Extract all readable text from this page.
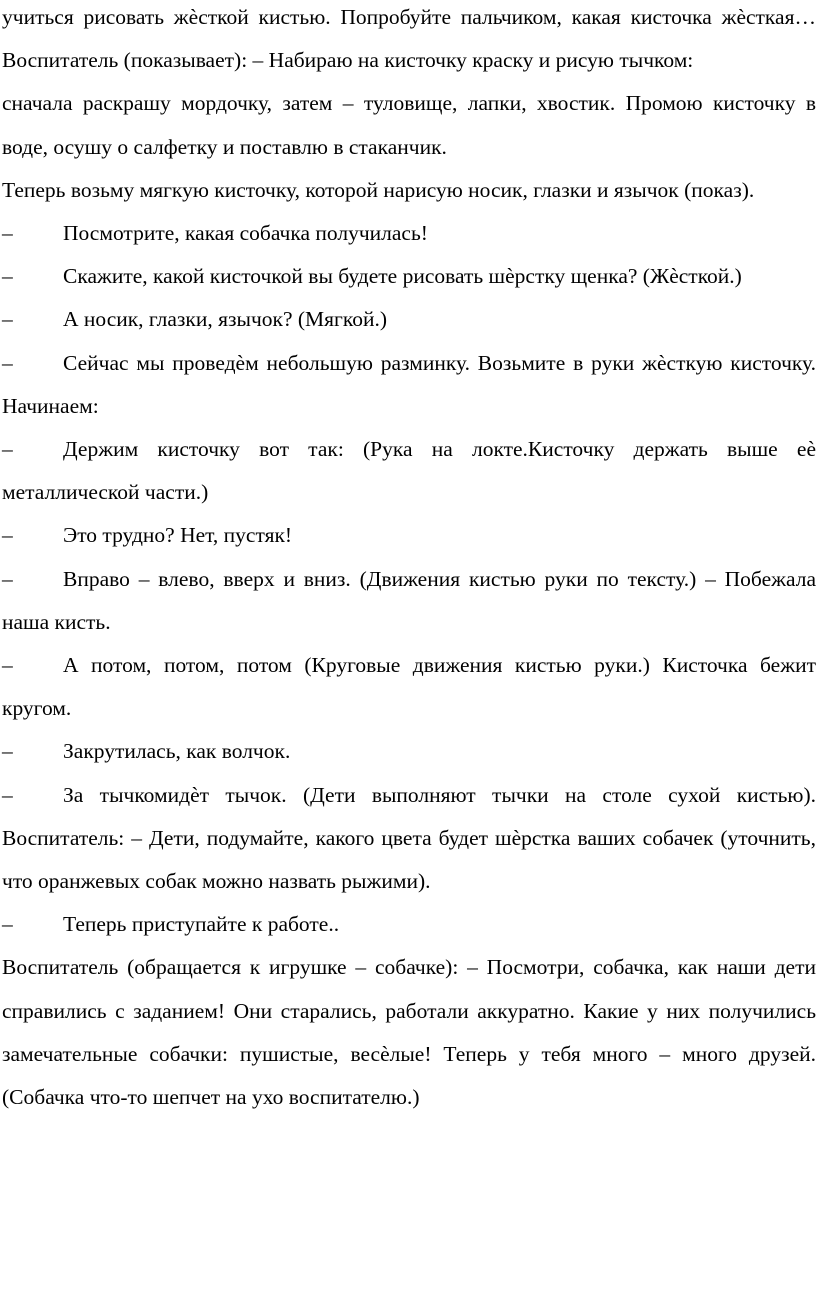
учиться рисовать жѐсткой кистью. Попробуйте пальчиком, какая кисточка жѐсткая… Воспитатель (показывает): – Набираю на кисточку краску и рисую тычком:

сначала раскрашу мордочку, затем – туловище, лапки, хвостик. Промою кисточку в воде, осушу о салфетку и поставлю в стаканчик.

Теперь возьму мягкую кисточку, которой нарисую носик, глазки и язычок (показ).

– Посмотрите, какая собачка получилась!

– Скажите, какой кисточкой вы будете рисовать шѐрстку щенка? (Жѐсткой.)

– А носик, глазки, язычок? (Мягкой.)

– Сейчас мы проведѐм небольшую разминку. Возьмите в руки жѐсткую кисточку. Начинаем:

– Держим кисточку вот так: (Рука на локте.Кисточку держать выше еѐ металлической части.)

– Это трудно? Нет, пустяк!

– Вправо – влево, вверх и вниз. (Движения кистью руки по тексту.) – Побежала наша кисть.

– А потом, потом, потом (Круговые движения кистью руки.) Кисточка бежит кругом.

– Закрутилась, как волчок.

– За тычкомидѐт тычок. (Дети выполняют тычки на столе сухой кистью). Воспитатель: – Дети, подумайте, какого цвета будет шѐрстка ваших собачек (уточнить, что оранжевых собак можно назвать рыжими).

– Теперь приступайте к работе..

Воспитатель (обращается к игрушке – собачке): – Посмотри, собачка, как наши дети справились с заданием! Они старались, работали аккуратно. Какие у них получились замечательные собачки: пушистые, весѐлые! Теперь у тебя много – много друзей. (Собачка что-то шепчет на ухо воспитателю.)
